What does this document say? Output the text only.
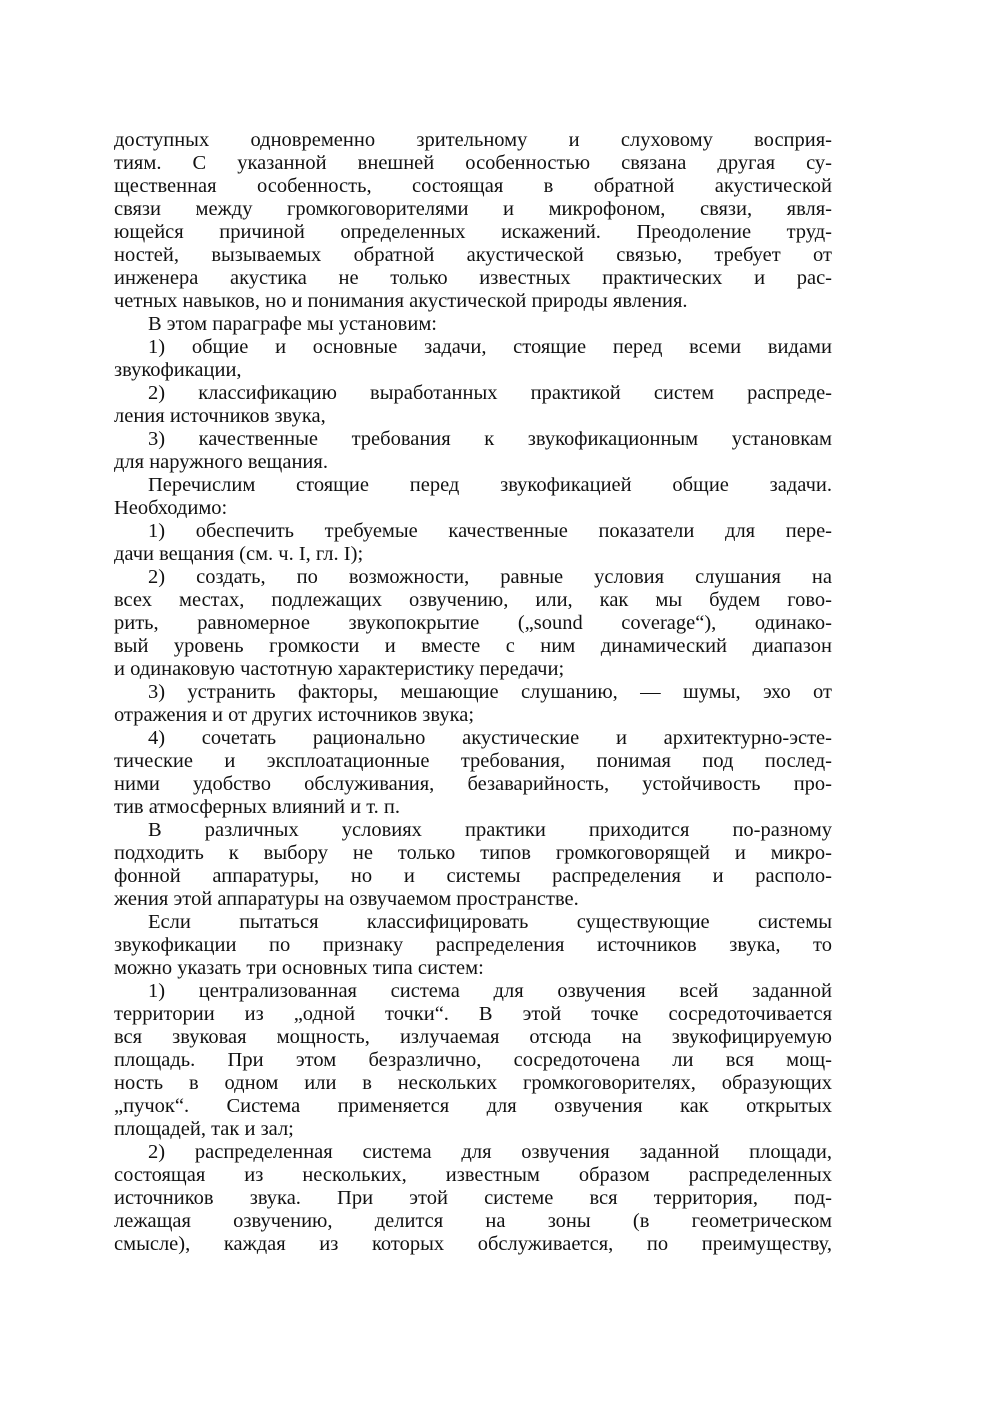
доступных одновременно зрительному и слуховому восприя-
тиям. С указанной внешней особенностью связана другая су-
щественная особенность, состоящая в обратной акустической
связи между громкоговорителями и микрофоном, связи, явля-
ющейся причиной определенных искажений. Преодоление труд-
ностей, вызываемых обратной акустической связью, требует от
инженера акустика не только известных практических и рас-
четных навыков, но и понимания акустической природы явления.
В этом параграфе мы установим:
1) общие и основные задачи, стоящие перед всеми видами
звукофикации,
2) классификацию выработанных практикой систем распреде-
ления источников звука,
3) качественные требования к звукофикационным установкам
для наружного вещания.
Перечислим стоящие перед звукофикацией общие задачи.
Необходимо:
1) обеспечить требуемые качественные показатели для пере-
дачи вещания (см. ч. I, гл. I);
2) создать, по возможности, равные условия слушания на
всех местах, подлежащих озвучению, или, как мы будем гово-
рить, равномерное звукопокрытие („sound coverage“), одинако-
вый уровень громкости и вместе с ним динамический диапазон
и одинаковую частотную характеристику передачи;
3) устранить факторы, мешающие слушанию, — шумы, эхо от
отражения и от других источников звука;
4) сочетать рационально акустические и архитектурно-эсте-
тические и эксплоатационные требования, понимая под послед-
ними удобство обслуживания, безаварийность, устойчивость про-
тив атмосферных влияний и т. п.
В различных условиях практики приходится по-разному
подходить к выбору не только типов громкоговорящей и микро-
фонной аппаратуры, но и системы распределения и располо-
жения этой аппаратуры на озвучаемом пространстве.
Если пытаться классифицировать существующие системы
звукофикации по признаку распределения источников звука, то
можно указать три основных типа систем:
1) централизованная система для озвучения всей заданной
территории из „одной точки“. В этой точке сосредоточивается
вся звуковая мощность, излучаемая отсюда на звукофицируемую
площадь. При этом безразлично, сосредоточена ли вся мощ-
ность в одном или в нескольких громкоговорителях, образующих
„пучок“. Система применяется для озвучения как открытых
площадей, так и зал;
2) распределенная система для озвучения заданной площади,
состоящая из нескольких, известным образом распределенных
источников звука. При этой системе вся территория, под-
лежащая озвучению, делится на зоны (в геометрическом
смысле), каждая из которых обслуживается, по преимуществу,
